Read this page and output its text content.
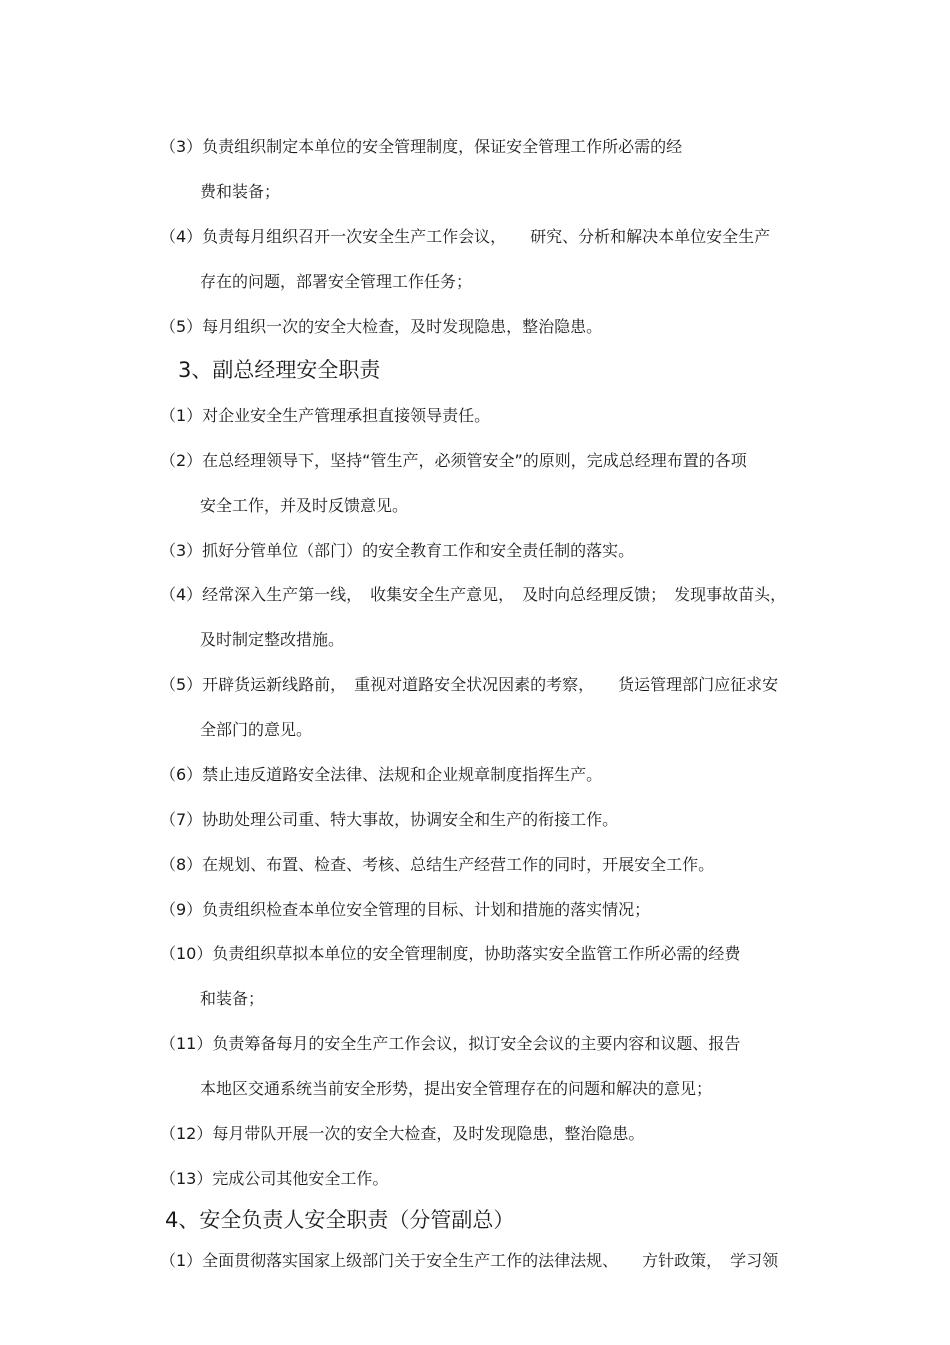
（3）负责组织制定本单位的安全管理制度，保证安全管理工作所必需的经
费和装备；
（4）负责每月组织召开一次安全生产工作会议，　　研究、分析和解决本单位安全生产
存在的问题，部署安全管理工作任务；
（5）每月组织一次的安全大检查，及时发现隐患，整治隐患。
3、副总经理安全职责
（1）对企业安全生产管理承担直接领导责任。
（2）在总经理领导下，坚持“管生产，必须管安全”的原则，完成总经理布置的各项
安全工作，并及时反馈意见。
（3）抓好分管单位（部门）的安全教育工作和安全责任制的落实。
（4）经常深入生产第一线，　收集安全生产意见，　及时向总经理反馈；　发现事故苗头，
及时制定整改措施。
（5）开辟货运新线路前，　重视对道路安全状况因素的考察，　　货运管理部门应征求安
全部门的意见。
（6）禁止违反道路安全法律、法规和企业规章制度指挥生产。
（7）协助处理公司重、特大事故，协调安全和生产的衔接工作。
（8）在规划、布置、检查、考核、总结生产经营工作的同时，开展安全工作。
（9）负责组织检查本单位安全管理的目标、计划和措施的落实情况；
（10）负责组织草拟本单位的安全管理制度，协助落实安全监管工作所必需的经费
和装备；
（11）负责筹备每月的安全生产工作会议，拟订安全会议的主要内容和议题、报告
本地区交通系统当前安全形势，提出安全管理存在的问题和解决的意见；
（12）每月带队开展一次的安全大检查，及时发现隐患，整治隐患。
（13）完成公司其他安全工作。
4、安全负责人安全职责（分管副总）
（1）全面贯彻落实国家上级部门关于安全生产工作的法律法规、　　方针政策，　学习领
